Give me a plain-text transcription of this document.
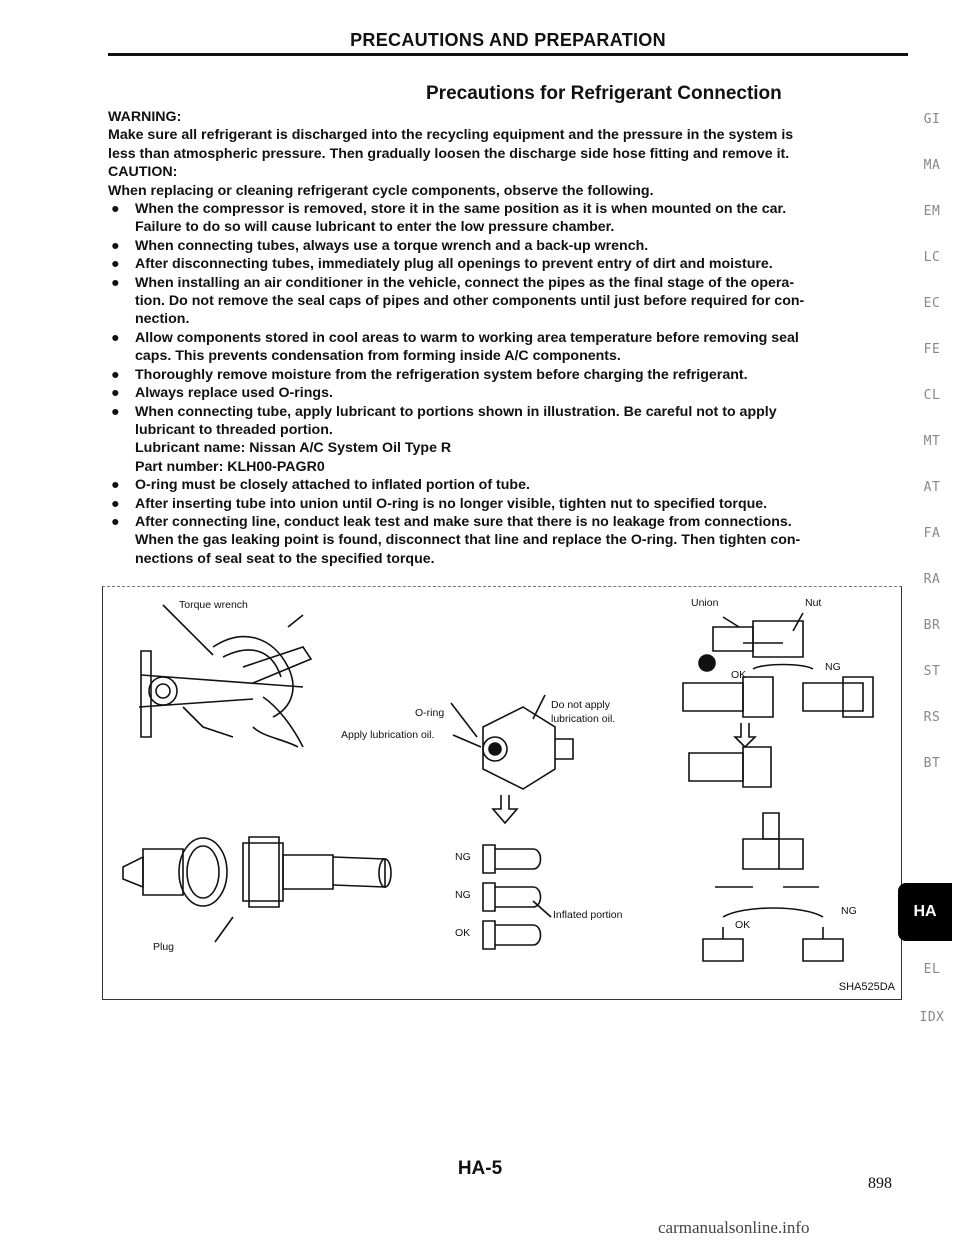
PRECAUTIONS AND PREPARATION
Precautions for Refrigerant Connection

WARNING:

Make sure all refrigerant is discharged into the recycling equipment and the pressure in the system is

less than atmospheric pressure. Then gradually loosen the discharge side hose fitting and remove it.

CAUTION:

When replacing or cleaning refrigerant cycle components, observe the following.

● When the compressor is removed, store it in the same position as it is when mounted on the car.
Failure to do so will cause lubricant to enter the low pressure chamber.
● When connecting tubes, always use a torque wrench and a back-up wrench.
● After disconnecting tubes, immediately plug all openings to prevent entry of dirt and moisture.
● When installing an air conditioner in the vehicle, connect the pipes as the final stage of the opera-
tion. Do not remove the seal caps of pipes and other components until just before required for con-
nection.
● Allow components stored in cool areas to warm to working area temperature before removing seal
caps. This prevents condensation from forming inside A/C components.
● Thoroughly remove moisture from the refrigeration system before charging the refrigerant.
● Always replace used O-rings.
● When connecting tube, apply lubricant to portions shown in illustration. Be careful not to apply
lubricant to threaded portion.
Lubricant name: Nissan A/C System Oil Type R
Part number: KLH00-PAGR0
● O-ring must be closely attached to inflated portion of tube.
● After inserting tube into union until O-ring is no longer visible, tighten nut to specified torque.
● After connecting line, conduct leak test and make sure that there is no leakage from connections.
When the gas leaking point is found, disconnect that line and replace the O-ring. Then tighten con-
nections of seal seat to the specified torque.
Torque wrench
Plug
O-ring
Apply lubrication oil.
Do not apply
lubrication oil.
NG
NG
OK
Inflated portion
Union	Nut
OK
NG
OK
NG
SHA525DA
HA
HA-5
898
carmanualsonline.info
GI
MA
EM
LC
EC
FE
CL
MT
AT
FA
RA
BR
ST
RS
BT
EL
IDX
